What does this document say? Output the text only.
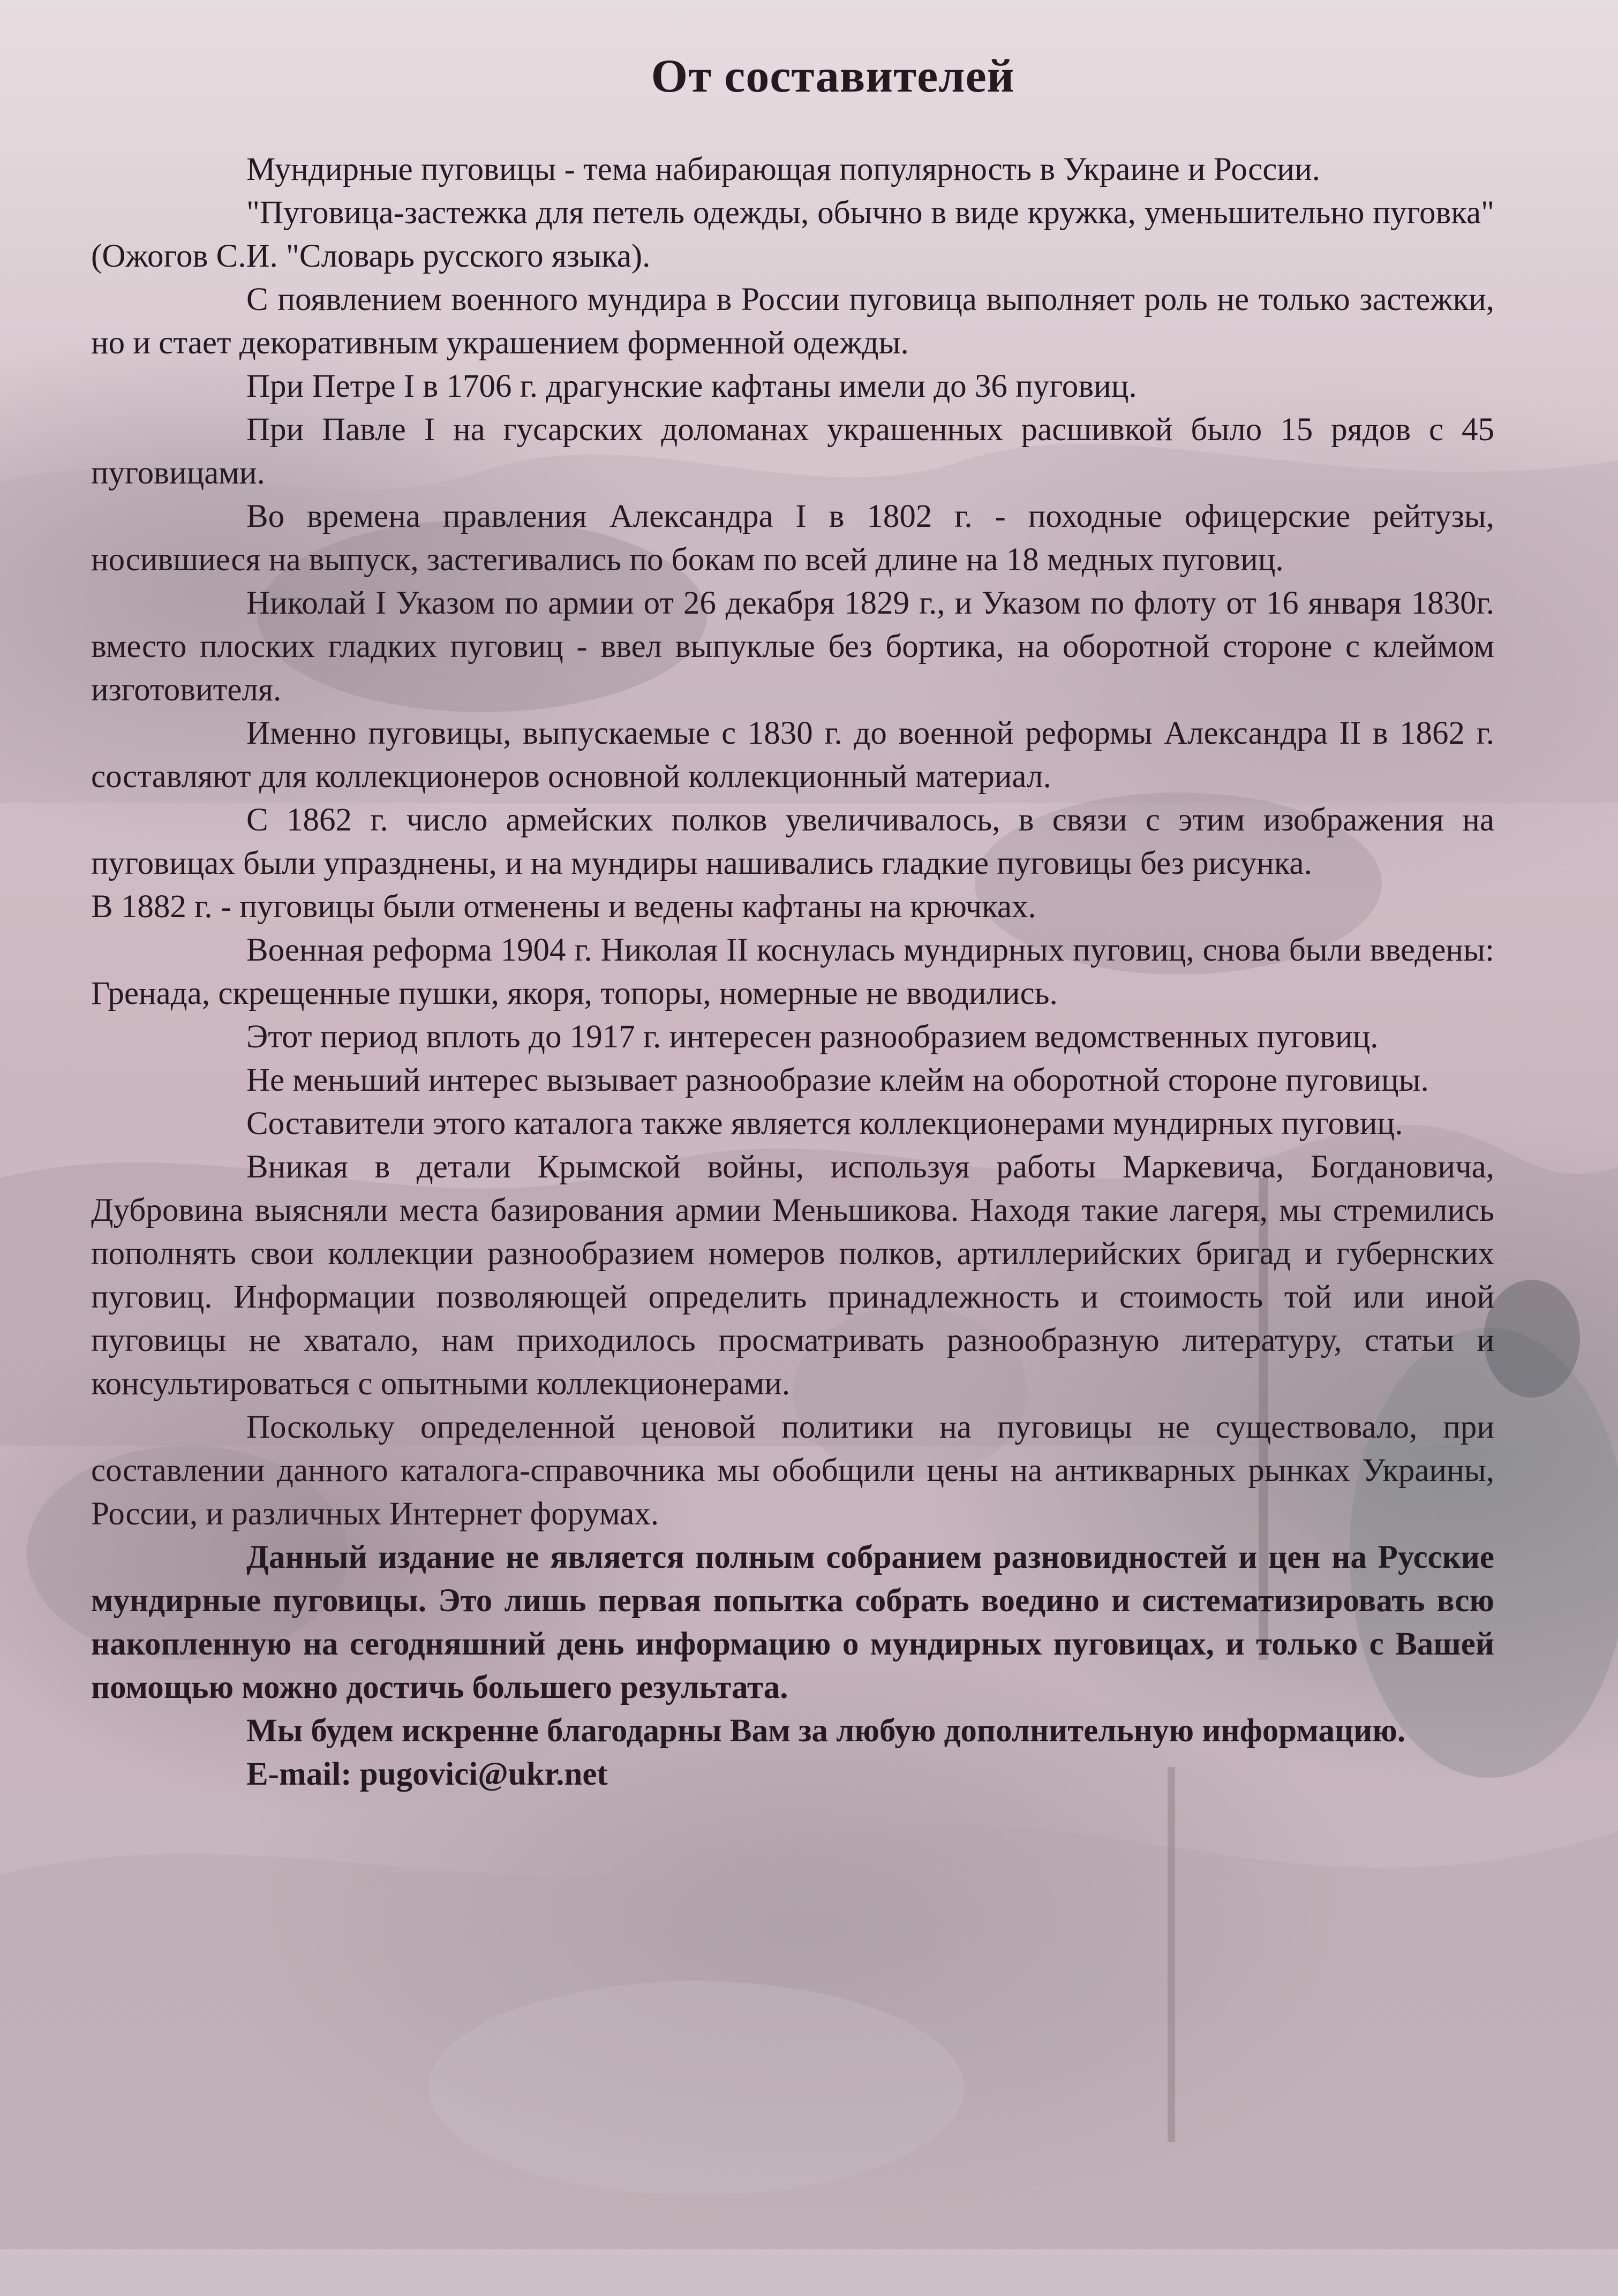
От составителей

Мундирные пуговицы - тема набирающая популярность в Украине и России.

"Пуговица-застежка для петель одежды, обычно в виде кружка, уменьшительно пуговка" (Ожогов С.И. "Словарь русского языка).

С появлением военного мундира в России пуговица выполняет роль не только застежки, но и стает декоративным украшением форменной одежды.

При Петре I в 1706 г. драгунские кафтаны имели до 36 пуговиц.

При Павле I на гусарских доломанах украшенных расшивкой было 15 рядов с 45 пуговицами.

Во времена правления Александра I в 1802 г. - походные офицерские рейтузы, носившиеся на выпуск, застегивались по бокам по всей длине на 18 медных пуговиц.

Николай I Указом по армии от 26 декабря 1829 г., и Указом по флоту от 16 января 1830г. вместо плоских гладких пуговиц - ввел выпуклые без бортика, на оборотной стороне с клеймом изготовителя.

Именно пуговицы, выпускаемые с 1830 г. до военной реформы Александра II в 1862 г. составляют для коллекционеров основной коллекционный материал.

С 1862 г. число армейских полков увеличивалось, в связи с этим изображения на пуговицах были упразднены, и на мундиры нашивались гладкие пуговицы без рисунка.

В 1882 г. - пуговицы были отменены и ведены кафтаны на крючках.

Военная реформа 1904 г. Николая II коснулась мундирных пуговиц, снова были введены: Гренада, скрещенные пушки, якоря, топоры, номерные не вводились.

Этот период вплоть до 1917 г. интересен разнообразием ведомственных пуговиц.

Не меньший интерес вызывает разнообразие клейм на оборотной стороне пуговицы.

Составители этого каталога также является коллекционерами мундирных пуговиц.

Вникая в детали Крымской войны, используя работы Маркевича, Богдановича, Дубровина выясняли места базирования армии Меньшикова. Находя такие лагеря, мы стремились пополнять свои коллекции разнообразием номеров полков, артиллерийских бригад и губернских пуговиц. Информации позволяющей определить принадлежность и стоимость той или иной пуговицы не хватало, нам приходилось просматривать разнообразную литературу, статьи и консультироваться с опытными коллекционерами.

Поскольку определенной ценовой политики на пуговицы не существовало, при составлении данного каталога-справочника мы обобщили цены на антикварных рынках Украины, России, и различных Интернет форумах.

Данный издание не является полным собранием разновидностей и цен на Русские мундирные пуговицы. Это лишь первая попытка собрать воедино и систематизировать всю накопленную на сегодняшний день информацию о мундирных пуговицах, и только с Вашей помощью можно достичь большего результата.

Мы будем искренне благодарны Вам за любую дополнительную информацию.

E-mail: pugovici@ukr.net
